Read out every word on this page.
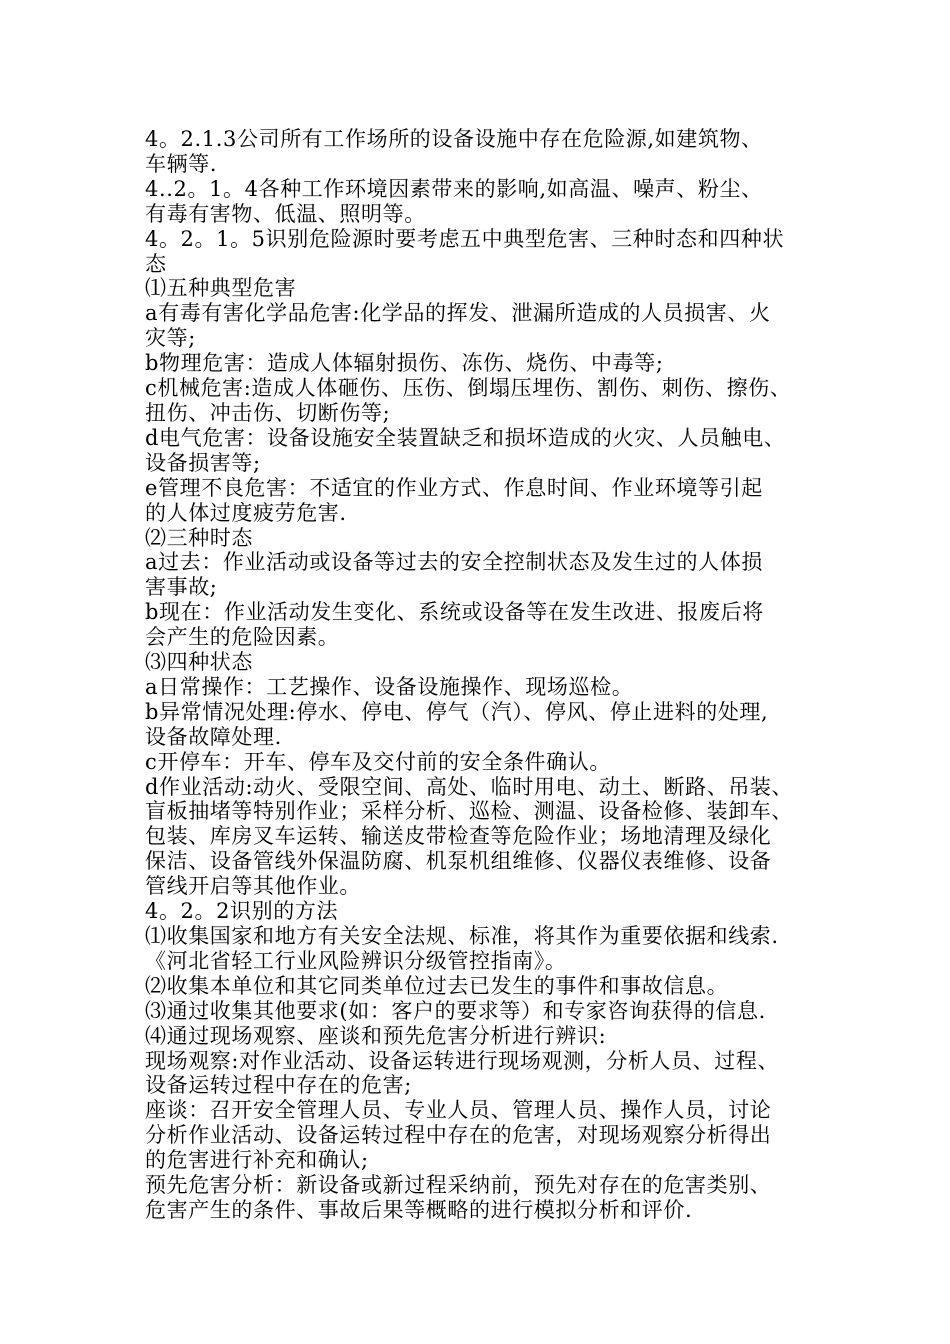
4。2.1.3公司所有工作场所的设备设施中存在危险源,如建筑物、
车辆等.
4..2。1。4各种工作环境因素带来的影响,如高温、噪声、粉尘、
有毒有害物、低温、照明等。
4。2。1。5识别危险源时要考虑五中典型危害、三种时态和四种状
态
⑴五种典型危害
a有毒有害化学品危害:化学品的挥发、泄漏所造成的人员损害、火
灾等;
b物理危害：造成人体辐射损伤、冻伤、烧伤、中毒等;
c机械危害:造成人体砸伤、压伤、倒塌压埋伤、割伤、刺伤、擦伤、
扭伤、冲击伤、切断伤等;
d电气危害：设备设施安全装置缺乏和损坏造成的火灾、人员触电、
设备损害等;
e管理不良危害：不适宜的作业方式、作息时间、作业环境等引起
的人体过度疲劳危害.
⑵三种时态
a过去：作业活动或设备等过去的安全控制状态及发生过的人体损
害事故;
b现在：作业活动发生变化、系统或设备等在发生改进、报废后将
会产生的危险因素。
⑶四种状态
a日常操作：工艺操作、设备设施操作、现场巡检。
b异常情况处理:停水、停电、停气（汽）、停风、停止进料的处理,
设备故障处理.
c开停车：开车、停车及交付前的安全条件确认。
d作业活动:动火、受限空间、高处、临时用电、动土、断路、吊装、
盲板抽堵等特别作业；采样分析、巡检、测温、设备检修、装卸车、
包装、库房叉车运转、输送皮带检查等危险作业；场地清理及绿化
保洁、设备管线外保温防腐、机泵机组维修、仪器仪表维修、设备
管线开启等其他作业。
4。2。2识别的方法
⑴收集国家和地方有关安全法规、标准，将其作为重要依据和线索.
《河北省轻工行业风险辨识分级管控指南》。
⑵收集本单位和其它同类单位过去已发生的事件和事故信息。
⑶通过收集其他要求(如：客户的要求等）和专家咨询获得的信息.
⑷通过现场观察、座谈和预先危害分析进行辨识:
现场观察:对作业活动、设备运转进行现场观测，分析人员、过程、
设备运转过程中存在的危害;
座谈：召开安全管理人员、专业人员、管理人员、操作人员，讨论
分析作业活动、设备运转过程中存在的危害，对现场观察分析得出
的危害进行补充和确认;
预先危害分析：新设备或新过程采纳前，预先对存在的危害类别、
危害产生的条件、事故后果等概略的进行模拟分析和评价.
